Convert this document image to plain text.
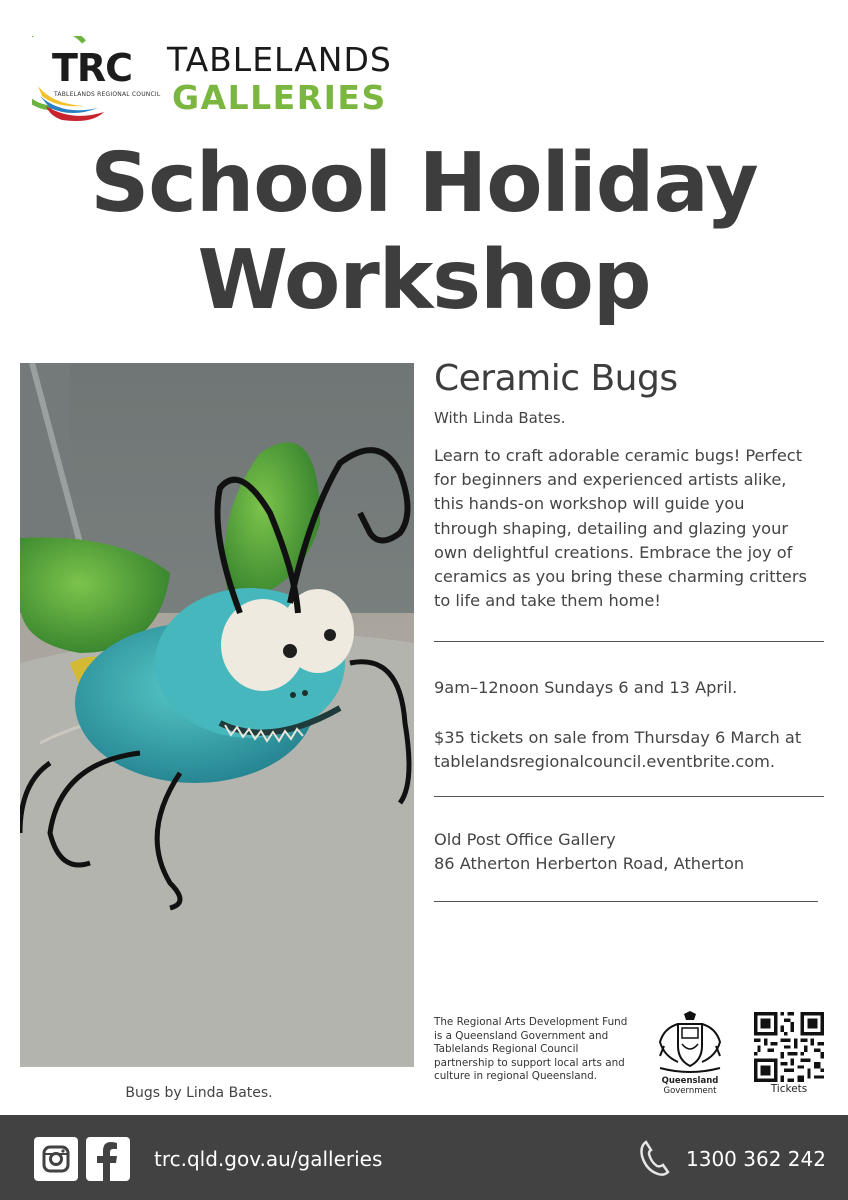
TRC
TABLELANDS REGIONAL COUNCIL
TABLELANDS
GALLERIES
School Holiday
Workshop
Bugs by Linda Bates.
Ceramic Bugs
With Linda Bates.
Learn to craft adorable ceramic bugs! Perfect
for beginners and experienced artists alike,
this hands-on workshop will guide you
through shaping, detailing and glazing your
own delightful creations. Embrace the joy of
ceramics as you bring these charming critters
to life and take them home!
9am–12noon Sundays 6 and 13 April.
$35 tickets on sale from Thursday 6 March at
tablelandsregionalcouncil.eventbrite.com.
Old Post Office Gallery
86 Atherton Herberton Road, Atherton
The Regional Arts Development Fund
is a Queensland Government and
Tablelands Regional Council
partnership to support local arts and
culture in regional Queensland.	Queensland
Government	Tickets
trc.qld.gov.au/galleries	1300 362 242
